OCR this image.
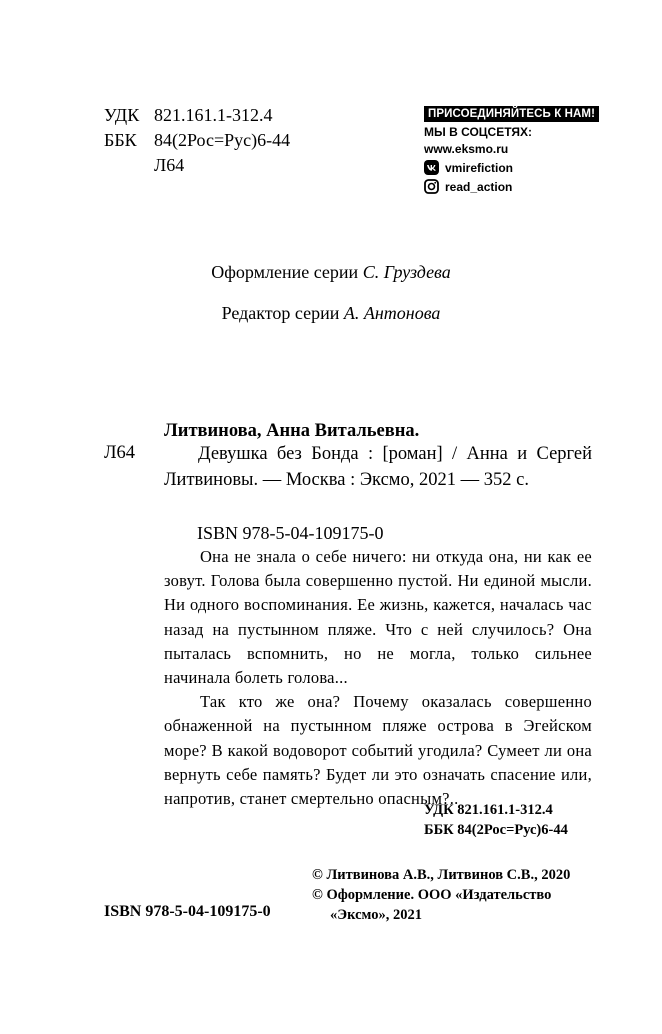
УДК 821.161.1-312.4
ББК 84(2Рос=Рус)6-44
Л64
ПРИСОЕДИНЯЙТЕСЬ К НАМ!
МЫ В СОЦСЕТЯХ:
www.eksmo.ru
vmirefiction
read_action
Оформление серии С. Груздева
Редактор серии А. Антонова
Литвинова, Анна Витальевна.
Л64	Девушка без Бонда : [роман] / Анна и Сергей Литвиновы. — Москва : Эксмо, 2021 — 352 с.
ISBN 978-5-04-109175-0

Она не знала о себе ничего: ни откуда она, ни как ее зовут. Голова была совершенно пустой. Ни единой мысли. Ни одного воспоминания. Ее жизнь, кажется, началась час назад на пустынном пляже. Что с ней случилось? Она пыталась вспомнить, но не могла, только сильнее начинала болеть голова...

Так кто же она? Почему оказалась совершенно обнаженной на пустынном пляже острова в Эгейском море? В какой водоворот событий угодила? Сумеет ли она вернуть себе память? Будет ли это означать спасение или, напротив, станет смертельно опасным?..

УДК 821.161.1-312.4
ББК 84(2Рос=Рус)6-44
© Литвинова А.В., Литвинов С.В., 2020
© Оформление. ООО «Издательство
«Эксмо», 2021
ISBN 978-5-04-109175-0
